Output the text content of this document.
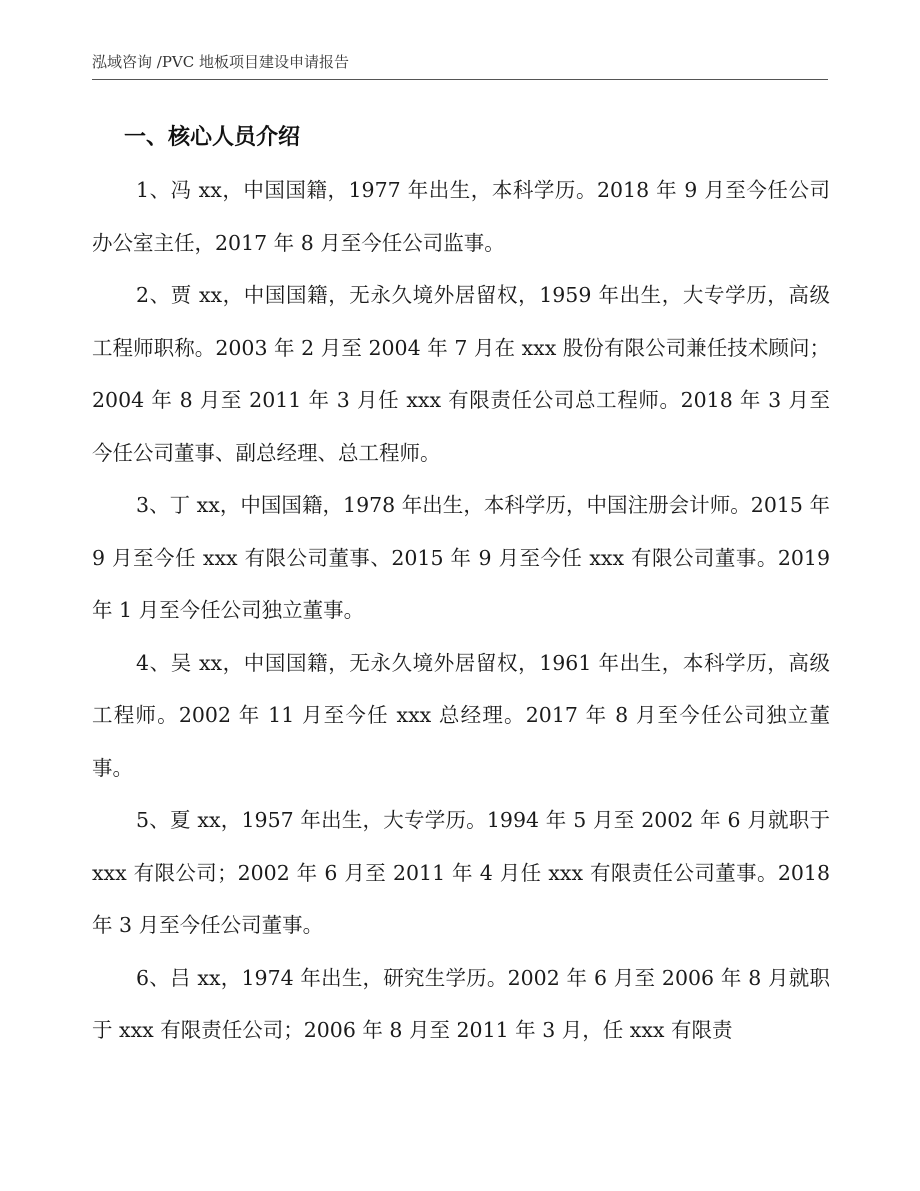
泓域咨询 /PVC 地板项目建设申请报告
一、核心人员介绍

1、冯 xx，中国国籍，1977 年出生，本科学历。2018 年 9 月至今任公司办公室主任，2017 年 8 月至今任公司监事。

2、贾 xx，中国国籍，无永久境外居留权，1959 年出生，大专学历，高级工程师职称。2003 年 2 月至 2004 年 7 月在 xxx 股份有限公司兼任技术顾问；2004 年 8 月至 2011 年 3 月任 xxx 有限责任公司总工程师。2018 年 3 月至今任公司董事、副总经理、总工程师。

3、丁 xx，中国国籍，1978 年出生，本科学历，中国注册会计师。2015 年 9 月至今任 xxx 有限公司董事、2015 年 9 月至今任 xxx 有限公司董事。2019 年 1 月至今任公司独立董事。

4、吴 xx，中国国籍，无永久境外居留权，1961 年出生，本科学历，高级工程师。2002 年 11 月至今任 xxx 总经理。2017 年 8 月至今任公司独立董事。

5、夏 xx，1957 年出生，大专学历。1994 年 5 月至 2002 年 6 月就职于 xxx 有限公司；2002 年 6 月至 2011 年 4 月任 xxx 有限责任公司董事。2018 年 3 月至今任公司董事。

6、吕 xx，1974 年出生，研究生学历。2002 年 6 月至 2006 年 8 月就职于 xxx 有限责任公司；2006 年 8 月至 2011 年 3 月，任 xxx 有限责
